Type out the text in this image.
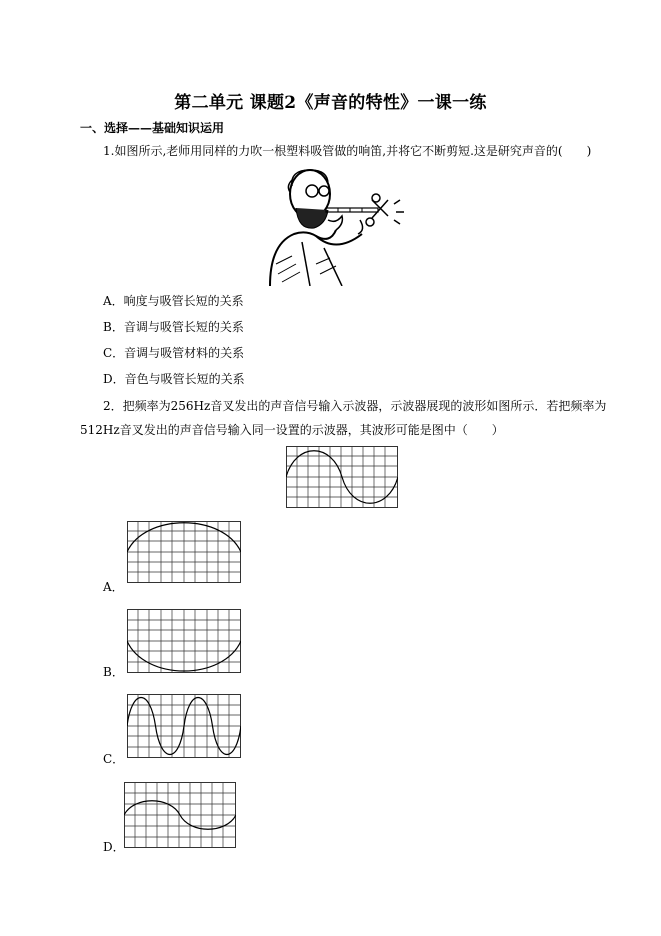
第二单元 课题2《声音的特性》一课一练
一、选择——基础知识运用
1.如图所示,老师用同样的力吹一根塑料吸管做的响笛,并将它不断剪短.这是研究声音的(　　)
A．响度与吸管长短的关系
B．音调与吸管长短的关系
C．音调与吸管材料的关系
D．音色与吸管长短的关系
2．把频率为256Hz音叉发出的声音信号输入示波器，示波器展现的波形如图所示．若把频率为
512Hz音叉发出的声音信号输入同一设置的示波器，其波形可能是图中（　　）
A．
B．
C．
D．
